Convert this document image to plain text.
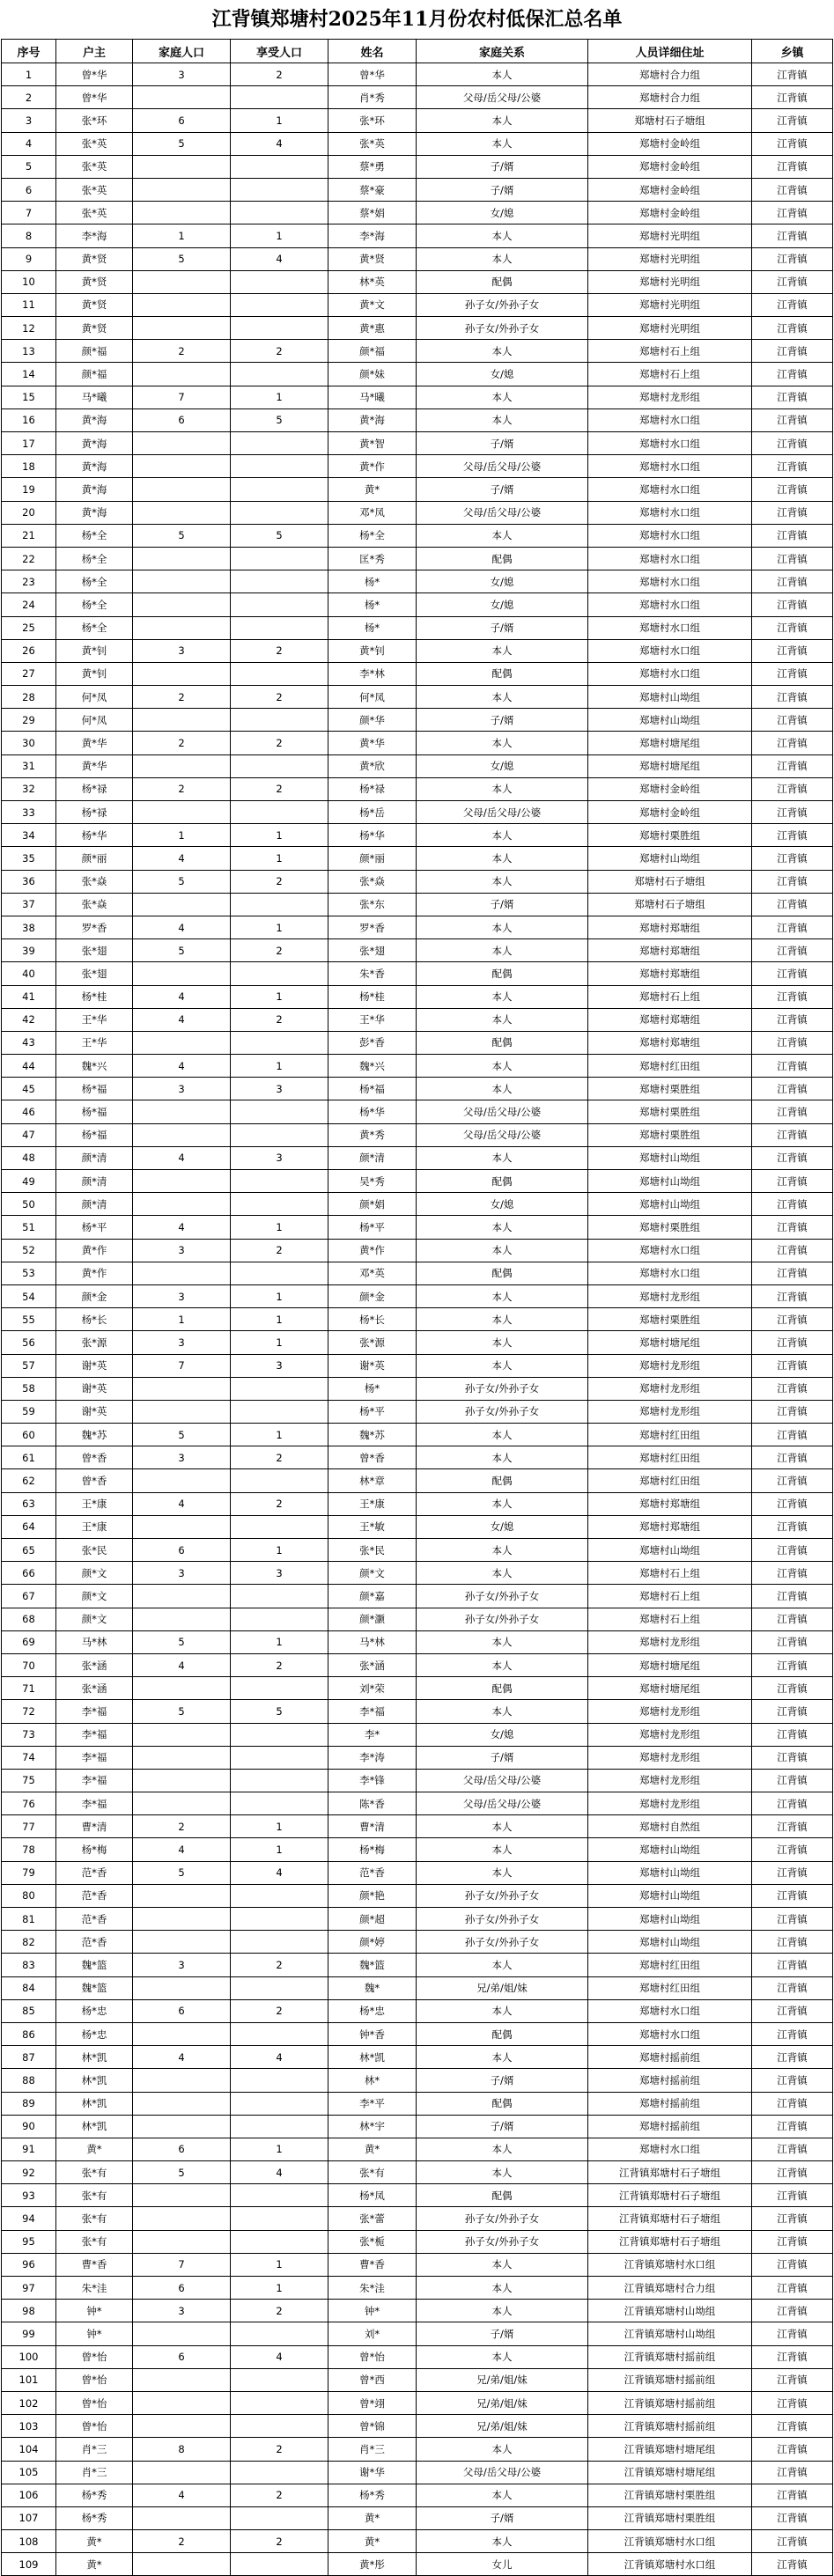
江背镇郑塘村2025年11月份农村低保汇总名单
序号	户主	家庭人口	享受人口	姓名	家庭关系	人员详细住址	乡镇
1	曾*华	3	2	曾*华	本人	郑塘村合力组	江背镇
2	曾*华			肖*秀	父母/岳父母/公婆	郑塘村合力组	江背镇
3	张*环	6	1	张*环	本人	郑塘村石子塘组	江背镇
4	张*英	5	4	张*英	本人	郑塘村金岭组	江背镇
5	张*英			蔡*勇	子/婿	郑塘村金岭组	江背镇
6	张*英			蔡*豪	子/婿	郑塘村金岭组	江背镇
7	张*英			蔡*娟	女/媳	郑塘村金岭组	江背镇
8	李*海	1	1	李*海	本人	郑塘村光明组	江背镇
9	黄*贤	5	4	黄*贤	本人	郑塘村光明组	江背镇
10	黄*贤			林*英	配偶	郑塘村光明组	江背镇
11	黄*贤			黄*文	孙子女/外孙子女	郑塘村光明组	江背镇
12	黄*贤			黄*惠	孙子女/外孙子女	郑塘村光明组	江背镇
13	颜*福	2	2	颜*福	本人	郑塘村石上组	江背镇
14	颜*福			颜*妹	女/媳	郑塘村石上组	江背镇
15	马*曦	7	1	马*曦	本人	郑塘村龙形组	江背镇
16	黄*海	6	5	黄*海	本人	郑塘村水口组	江背镇
17	黄*海			黄*智	子/婿	郑塘村水口组	江背镇
18	黄*海			黄*作	父母/岳父母/公婆	郑塘村水口组	江背镇
19	黄*海			黄*	子/婿	郑塘村水口组	江背镇
20	黄*海			邓*凤	父母/岳父母/公婆	郑塘村水口组	江背镇
21	杨*全	5	5	杨*全	本人	郑塘村水口组	江背镇
22	杨*全			匡*秀	配偶	郑塘村水口组	江背镇
23	杨*全			杨*	女/媳	郑塘村水口组	江背镇
24	杨*全			杨*	女/媳	郑塘村水口组	江背镇
25	杨*全			杨*	子/婿	郑塘村水口组	江背镇
26	黄*钊	3	2	黄*钊	本人	郑塘村水口组	江背镇
27	黄*钊			李*林	配偶	郑塘村水口组	江背镇
28	何*凤	2	2	何*凤	本人	郑塘村山坳组	江背镇
29	何*凤			颜*华	子/婿	郑塘村山坳组	江背镇
30	黄*华	2	2	黄*华	本人	郑塘村塘尾组	江背镇
31	黄*华			黄*欣	女/媳	郑塘村塘尾组	江背镇
32	杨*禄	2	2	杨*禄	本人	郑塘村金岭组	江背镇
33	杨*禄			杨*岳	父母/岳父母/公婆	郑塘村金岭组	江背镇
34	杨*华	1	1	杨*华	本人	郑塘村栗胜组	江背镇
35	颜*丽	4	1	颜*丽	本人	郑塘村山坳组	江背镇
36	张*焱	5	2	张*焱	本人	郑塘村石子塘组	江背镇
37	张*焱			张*东	子/婿	郑塘村石子塘组	江背镇
38	罗*香	4	1	罗*香	本人	郑塘村郑塘组	江背镇
39	张*翅	5	2	张*翅	本人	郑塘村郑塘组	江背镇
40	张*翅			朱*香	配偶	郑塘村郑塘组	江背镇
41	杨*桂	4	1	杨*桂	本人	郑塘村石上组	江背镇
42	王*华	4	2	王*华	本人	郑塘村郑塘组	江背镇
43	王*华			彭*香	配偶	郑塘村郑塘组	江背镇
44	魏*兴	4	1	魏*兴	本人	郑塘村红田组	江背镇
45	杨*福	3	3	杨*福	本人	郑塘村栗胜组	江背镇
46	杨*福			杨*华	父母/岳父母/公婆	郑塘村栗胜组	江背镇
47	杨*福			黄*秀	父母/岳父母/公婆	郑塘村栗胜组	江背镇
48	颜*清	4	3	颜*清	本人	郑塘村山坳组	江背镇
49	颜*清			吴*秀	配偶	郑塘村山坳组	江背镇
50	颜*清			颜*娟	女/媳	郑塘村山坳组	江背镇
51	杨*平	4	1	杨*平	本人	郑塘村栗胜组	江背镇
52	黄*作	3	2	黄*作	本人	郑塘村水口组	江背镇
53	黄*作			邓*英	配偶	郑塘村水口组	江背镇
54	颜*金	3	1	颜*金	本人	郑塘村龙形组	江背镇
55	杨*长	1	1	杨*长	本人	郑塘村栗胜组	江背镇
56	张*源	3	1	张*源	本人	郑塘村塘尾组	江背镇
57	谢*英	7	3	谢*英	本人	郑塘村龙形组	江背镇
58	谢*英			杨*	孙子女/外孙子女	郑塘村龙形组	江背镇
59	谢*英			杨*平	孙子女/外孙子女	郑塘村龙形组	江背镇
60	魏*苏	5	1	魏*苏	本人	郑塘村红田组	江背镇
61	曾*香	3	2	曾*香	本人	郑塘村红田组	江背镇
62	曾*香			林*章	配偶	郑塘村红田组	江背镇
63	王*康	4	2	王*康	本人	郑塘村郑塘组	江背镇
64	王*康			王*敏	女/媳	郑塘村郑塘组	江背镇
65	张*民	6	1	张*民	本人	郑塘村山坳组	江背镇
66	颜*文	3	3	颜*文	本人	郑塘村石上组	江背镇
67	颜*文			颜*嘉	孙子女/外孙子女	郑塘村石上组	江背镇
68	颜*文			颜*灏	孙子女/外孙子女	郑塘村石上组	江背镇
69	马*林	5	1	马*林	本人	郑塘村龙形组	江背镇
70	张*涵	4	2	张*涵	本人	郑塘村塘尾组	江背镇
71	张*涵			刘*荣	配偶	郑塘村塘尾组	江背镇
72	李*福	5	5	李*福	本人	郑塘村龙形组	江背镇
73	李*福			李*	女/媳	郑塘村龙形组	江背镇
74	李*福			李*涛	子/婿	郑塘村龙形组	江背镇
75	李*福			李*锋	父母/岳父母/公婆	郑塘村龙形组	江背镇
76	李*福			陈*香	父母/岳父母/公婆	郑塘村龙形组	江背镇
77	曹*清	2	1	曹*清	本人	郑塘村自然组	江背镇
78	杨*梅	4	1	杨*梅	本人	郑塘村山坳组	江背镇
79	范*香	5	4	范*香	本人	郑塘村山坳组	江背镇
80	范*香			颜*艳	孙子女/外孙子女	郑塘村山坳组	江背镇
81	范*香			颜*超	孙子女/外孙子女	郑塘村山坳组	江背镇
82	范*香			颜*婷	孙子女/外孙子女	郑塘村山坳组	江背镇
83	魏*篮	3	2	魏*篮	本人	郑塘村红田组	江背镇
84	魏*篮			魏*	兄/弟/姐/妹	郑塘村红田组	江背镇
85	杨*忠	6	2	杨*忠	本人	郑塘村水口组	江背镇
86	杨*忠			钟*香	配偶	郑塘村水口组	江背镇
87	林*凯	4	4	林*凯	本人	郑塘村摇前组	江背镇
88	林*凯			林*	子/婿	郑塘村摇前组	江背镇
89	林*凯			李*平	配偶	郑塘村摇前组	江背镇
90	林*凯			林*宇	子/婿	郑塘村摇前组	江背镇
91	黄*	6	1	黄*	本人	郑塘村水口组	江背镇
92	张*有	5	4	张*有	本人	江背镇郑塘村石子塘组	江背镇
93	张*有			杨*凤	配偶	江背镇郑塘村石子塘组	江背镇
94	张*有			张*蕾	孙子女/外孙子女	江背镇郑塘村石子塘组	江背镇
95	张*有			张*栀	孙子女/外孙子女	江背镇郑塘村石子塘组	江背镇
96	曹*香	7	1	曹*香	本人	江背镇郑塘村水口组	江背镇
97	朱*洼	6	1	朱*洼	本人	江背镇郑塘村合力组	江背镇
98	钟*	3	2	钟*	本人	江背镇郑塘村山坳组	江背镇
99	钟*			刘*	子/婿	江背镇郑塘村山坳组	江背镇
100	曾*怡	6	4	曾*怡	本人	江背镇郑塘村摇前组	江背镇
101	曾*怡			曾*西	兄/弟/姐/妹	江背镇郑塘村摇前组	江背镇
102	曾*怡			曾*翊	兄/弟/姐/妹	江背镇郑塘村摇前组	江背镇
103	曾*怡			曾*锦	兄/弟/姐/妹	江背镇郑塘村摇前组	江背镇
104	肖*三	8	2	肖*三	本人	江背镇郑塘村塘尾组	江背镇
105	肖*三			谢*华	父母/岳父母/公婆	江背镇郑塘村塘尾组	江背镇
106	杨*秀	4	2	杨*秀	本人	江背镇郑塘村栗胜组	江背镇
107	杨*秀			黄*	子/婿	江背镇郑塘村栗胜组	江背镇
108	黄*	2	2	黄*	本人	江背镇郑塘村水口组	江背镇
109	黄*			黄*彤	女儿	江背镇郑塘村水口组	江背镇
